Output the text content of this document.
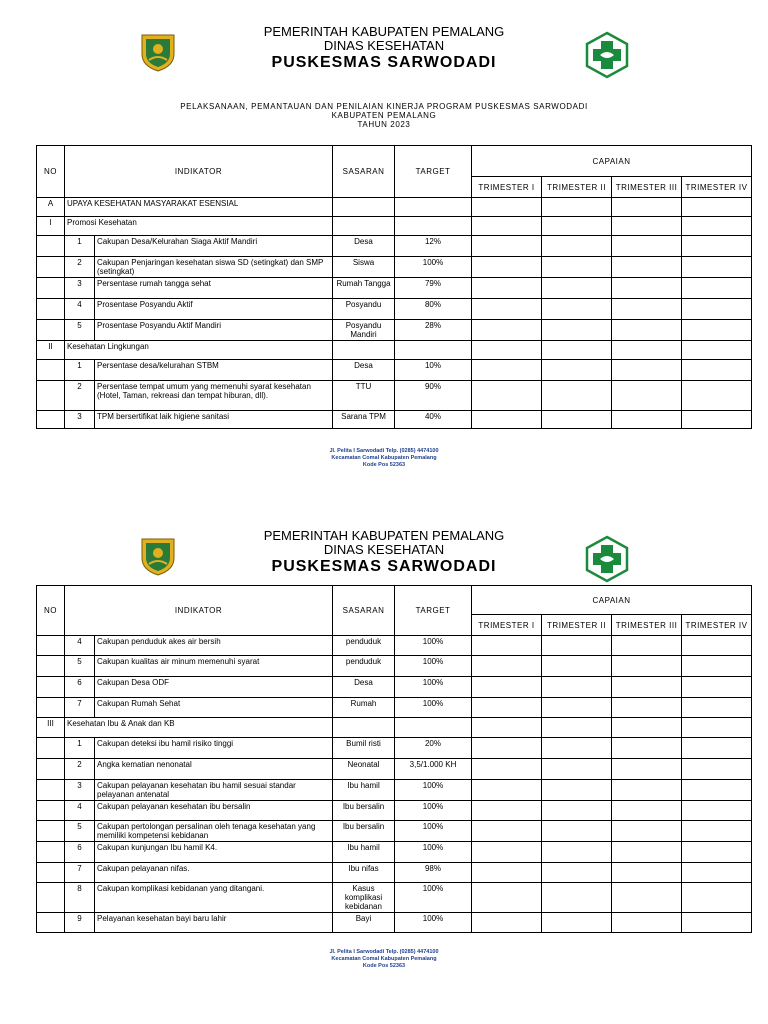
PEMERINTAH KABUPATEN PEMALANG
DINAS KESEHATAN
PUSKESMAS SARWODADI
PELAKSANAAN, PEMANTAUAN DAN PENILAIAN KINERJA PROGRAM PUSKESMAS SARWODADI
KABUPATEN PEMALANG
TAHUN 2023
NO	INDIKATOR		SASARAN	TARGET	CAPAIAN			
					TRIMESTER I	TRIMESTER II	TRIMESTER III	TRIMESTER IV
A	UPAYA KESEHATAN MASYARAKAT ESENSIAL							
I	Promosi Kesehatan							
	1	Cakupan Desa/Kelurahan Siaga Aktif Mandiri	Desa	12%				
	2	Cakupan Penjaringan kesehatan siswa SD (setingkat) dan SMP (setingkat)	Siswa	100%				
	3	Persentase rumah tangga sehat	Rumah Tangga	79%				
	4	Prosentase Posyandu Aktif	Posyandu	80%				
	5	Prosentase Posyandu Aktif Mandiri	Posyandu Mandiri	28%				
II	Kesehatan Lingkungan							
	1	Persentase desa/kelurahan STBM	Desa	10%				
	2	Persentase tempat umum yang memenuhi syarat kesehatan (Hotel, Taman, rekreasi dan tempat hiburan, dll).	TTU	90%				
	3	TPM bersertifikat laik higiene sanitasi	Sarana TPM	40%				
Jl. Pelita I Sarwodadi Telp. (0285) 4474100
Kecamatan Comal Kabupaten Pemalang
Kode Pos 52363
PEMERINTAH KABUPATEN PEMALANG
DINAS KESEHATAN
PUSKESMAS SARWODADI
NO	INDIKATOR		SASARAN	TARGET	CAPAIAN			
					TRIMESTER I	TRIMESTER II	TRIMESTER III	TRIMESTER IV
	4	Cakupan penduduk akes air bersih	penduduk	100%				
	5	Cakupan kualitas air minum memenuhi syarat	penduduk	100%				
	6	Cakupan Desa ODF	Desa	100%				
	7	Cakupan Rumah Sehat	Rumah	100%				
III	Kesehatan Ibu & Anak dan KB							
	1	Cakupan deteksi ibu hamil risiko tinggi	Bumil risti	20%				
	2	Angka kematian nenonatal	Neonatal	3,5/1.000 KH				
	3	Cakupan pelayanan kesehatan ibu hamil sesuai standar pelayanan antenatal	Ibu hamil	100%				
	4	Cakupan pelayanan kesehatan ibu bersalin	Ibu bersalin	100%				
	5	Cakupan pertolongan persalinan oleh tenaga kesehatan yang memiliki kompetensi kebidanan	Ibu bersalin	100%				
	6	Cakupan kunjungan Ibu hamil K4.	Ibu hamil	100%				
	7	Cakupan pelayanan nifas.	Ibu nifas	98%				
	8	Cakupan komplikasi kebidanan yang ditangani.	Kasus komplikasi kebidanan	100%				
	9	Pelayanan kesehatan bayi baru lahir	Bayi	100%				
Jl. Pelita I Sarwodadi Telp. (0285) 4474100
Kecamatan Comal Kabupaten Pemalang
Kode Pos 52363
